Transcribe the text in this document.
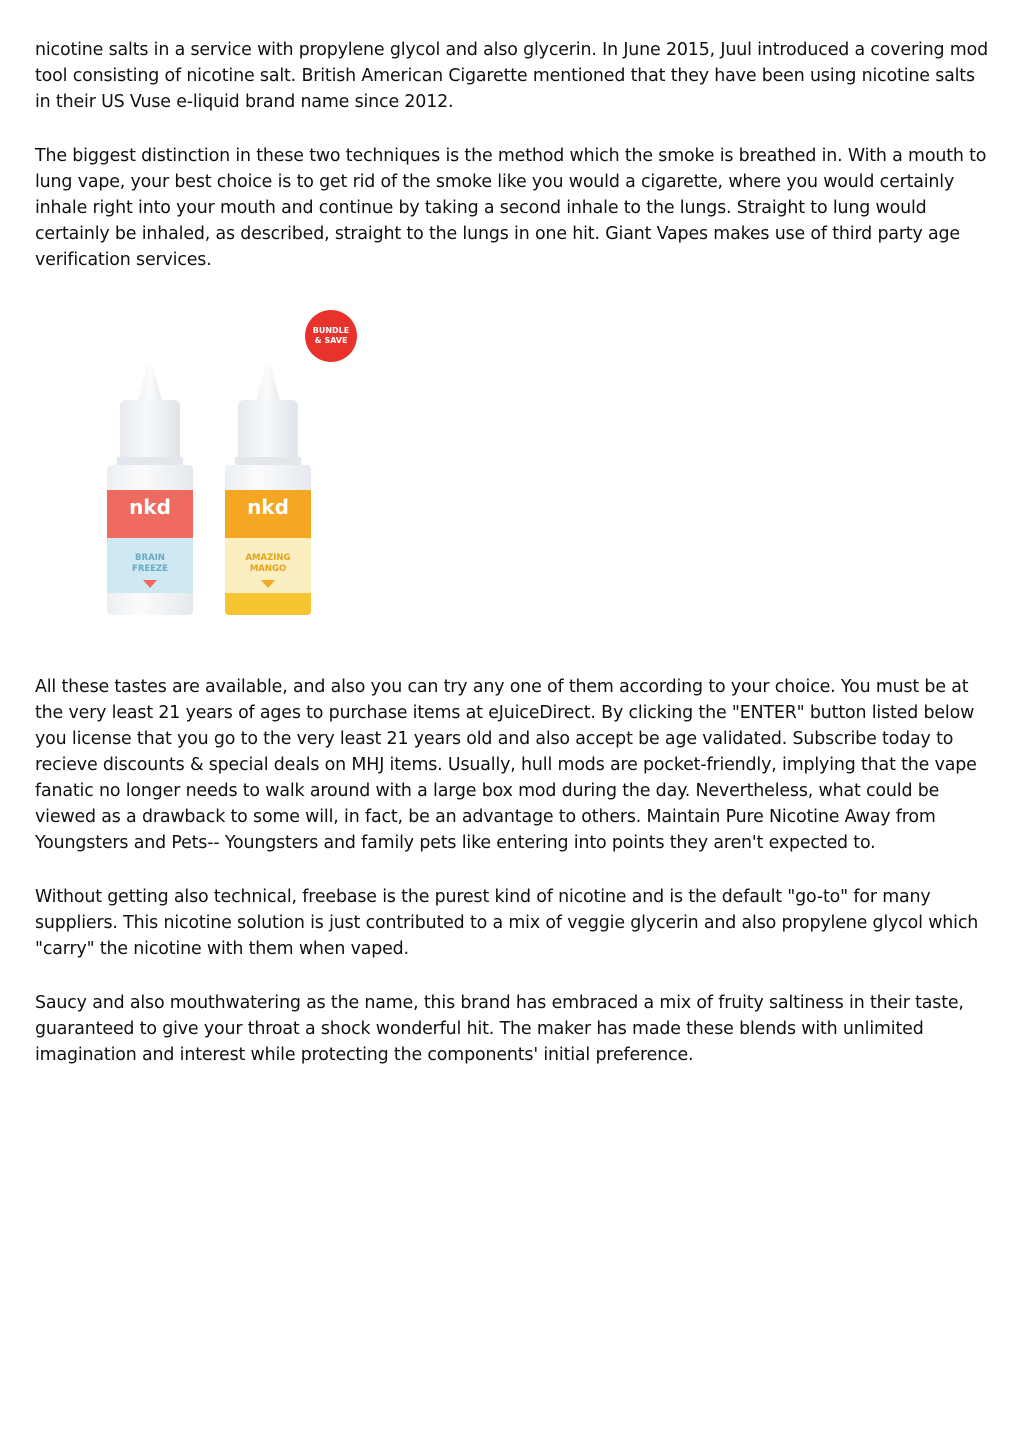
nicotine salts in a service with propylene glycol and also glycerin. In June 2015, Juul introduced a covering mod tool consisting of nicotine salt. British American Cigarette mentioned that they have been using nicotine salts in their US Vuse e-liquid brand name since 2012.

The biggest distinction in these two techniques is the method which the smoke is breathed in. With a mouth to lung vape, your best choice is to get rid of the smoke like you would a cigarette, where you would certainly inhale right into your mouth and continue by taking a second inhale to the lungs. Straight to lung would certainly be inhaled, as described, straight to the lungs in one hit. Giant Vapes makes use of third party age verification services.

All these tastes are available, and also you can try any one of them according to your choice. You must be at the very least 21 years of ages to purchase items at eJuiceDirect. By clicking the "ENTER" button listed below you license that you go to the very least 21 years old and also accept be age validated. Subscribe today to recieve discounts & special deals on MHJ items. Usually, hull mods are pocket-friendly, implying that the vape fanatic no longer needs to walk around with a large box mod during the day. Nevertheless, what could be viewed as a drawback to some will, in fact, be an advantage to others. Maintain Pure Nicotine Away from Youngsters and Pets-- Youngsters and family pets like entering into points they aren't expected to.

Without getting also technical, freebase is the purest kind of nicotine and is the default "go-to" for many suppliers. This nicotine solution is just contributed to a mix of veggie glycerin and also propylene glycol which "carry" the nicotine with them when vaped.

Saucy and also mouthwatering as the name, this brand has embraced a mix of fruity saltiness in their taste, guaranteed to give your throat a shock wonderful hit. The maker has made these blends with unlimited imagination and interest while protecting the components' initial preference.

BUNDLE
& SAVE
nkd
BRAIN
FREEZE
nkd
AMAZING
MANGO
